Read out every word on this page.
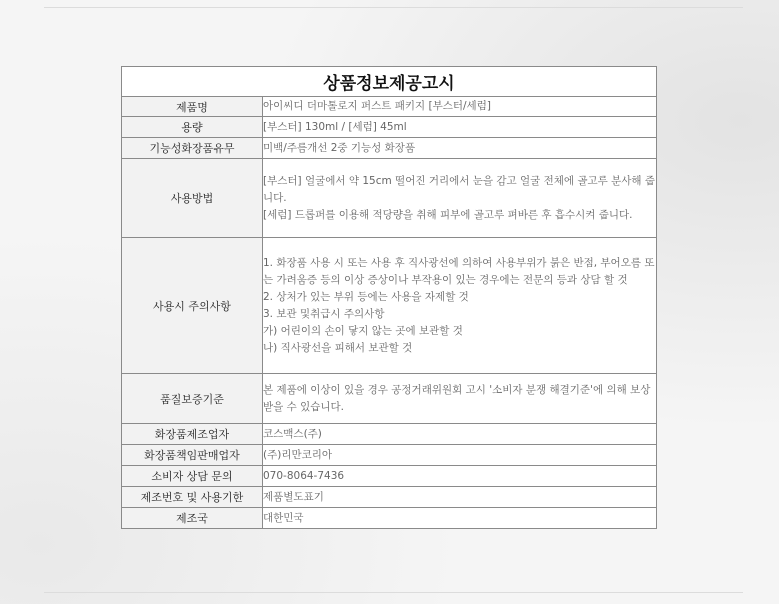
상품정보제공고시	
제품명	아이씨디 더마톨로지 퍼스트 패키지 [부스터/세럼]

용량	[부스터] 130ml / [세럼] 45ml

기능성화장품유무	미백/주름개선 2중 기능성 화장품

사용방법	[부스터] 얼굴에서 약 15cm 떨어진 거리에서 눈을 감고 얼굴 전체에 골고루 분사해 줍니다.
[세럼] 드롭퍼를 이용해 적당량을 취해 피부에 골고루 펴바른 후 흡수시켜 줍니다.

사용시 주의사항	1. 화장품 사용 시 또는 사용 후 직사광선에 의하여 사용부위가 붉은 반점, 부어오름 또는 가려움증 등의 이상 증상이나 부작용이 있는 경우에는 전문의 등과 상담 할 것
2. 상처가 있는 부위 등에는 사용을 자제할 것
3. 보관 및취급시 주의사항
가) 어린이의 손이 닿지 않는 곳에 보관할 것
나) 직사광선을 피해서 보관할 것

품질보증기준	본 제품에 이상이 있을 경우 공정거래위원회 고시 '소비자 분쟁 해결기준'에 의해 보상받을 수 있습니다.

화장품제조업자	코스맥스(주)

화장품책임판매업자	(주)리만코리아

소비자 상담 문의	070-8064-7436

제조번호 및 사용기한	제품별도표기

제조국	대한민국
